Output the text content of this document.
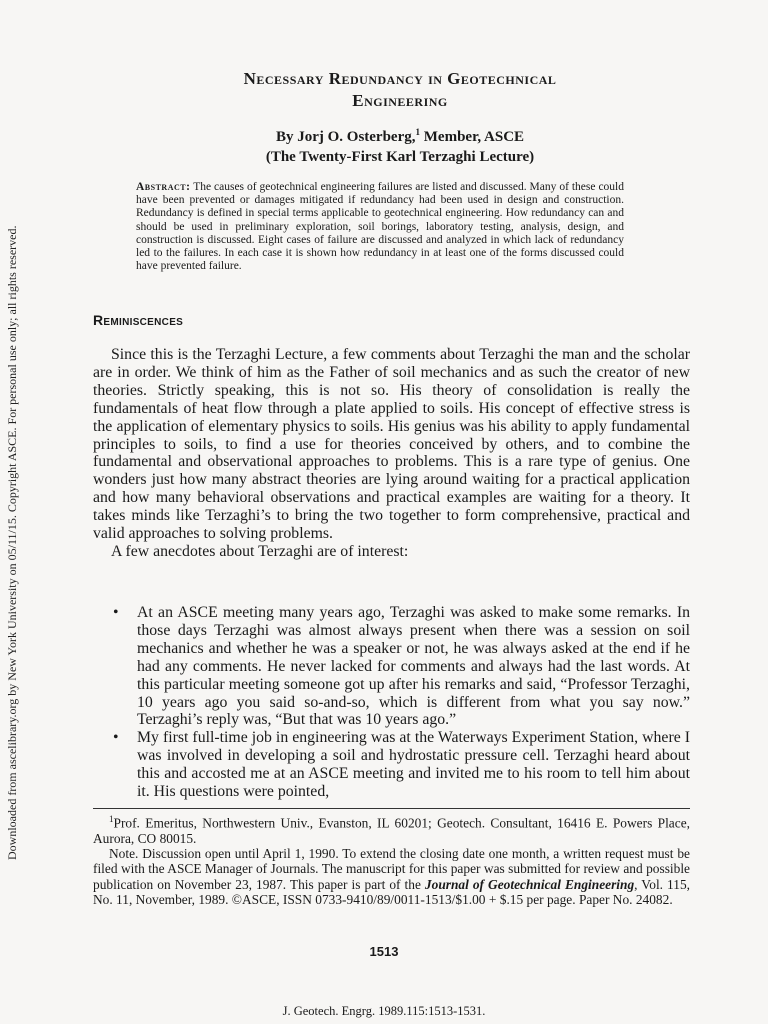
Downloaded from ascelibrary.org by New York University on 05/11/15. Copyright ASCE. For personal use only; all rights reserved.
Necessary Redundancy in Geotechnical
Engineering
By Jorj O. Osterberg,$^1$ Member, ASCE
(The Twenty-First Karl Terzaghi Lecture)
Abstract: The causes of geotechnical engineering failures are listed and discussed. Many of these could have been prevented or damages mitigated if redundancy had been used in design and construction. Redundancy is defined in special terms applicable to geotechnical engineering. How redundancy can and should be used in preliminary exploration, soil borings, laboratory testing, analysis, design, and construction is discussed. Eight cases of failure are discussed and analyzed in which lack of redundancy led to the failures. In each case it is shown how redundancy in at least one of the forms discussed could have prevented failure.
Reminiscences

Since this is the Terzaghi Lecture, a few comments about Terzaghi the man and the scholar are in order. We think of him as the Father of soil mechanics and as such the creator of new theories. Strictly speaking, this is not so. His theory of consolidation is really the fundamentals of heat flow through a plate applied to soils. His concept of effective stress is the application of elementary physics to soils. His genius was his ability to apply fundamental principles to soils, to find a use for theories conceived by others, and to combine the fundamental and observational approaches to problems. This is a rare type of genius. One wonders just how many abstract theories are lying around waiting for a practical application and how many behavioral observations and practical examples are waiting for a theory. It takes minds like Terzaghi’s to bring the two together to form comprehensive, practical and valid approaches to solving problems.

A few anecdotes about Terzaghi are of interest:

• At an ASCE meeting many years ago, Terzaghi was asked to make some remarks. In those days Terzaghi was almost always present when there was a session on soil mechanics and whether he was a speaker or not, he was always asked at the end if he had any comments. He never lacked for comments and always had the last words. At this particular meeting someone got up after his remarks and said, “Professor Terzaghi, 10 years ago you said so-and-so, which is different from what you say now.” Terzaghi’s reply was, “But that was 10 years ago.”
• My first full-time job in engineering was at the Waterways Experiment Station, where I was involved in developing a soil and hydrostatic pressure cell. Terzaghi heard about this and accosted me at an ASCE meeting and invited me to his room to tell him about it. His questions were pointed,

$^1$Prof. Emeritus, Northwestern Univ., Evanston, IL 60201; Geotech. Consultant, 16416 E. Powers Place, Aurora, CO 80015.

Note. Discussion open until April 1, 1990. To extend the closing date one month, a written request must be filed with the ASCE Manager of Journals. The manuscript for this paper was submitted for review and possible publication on November 23, 1987. This paper is part of the Journal of Geotechnical Engineering, Vol. 115, No. 11, November, 1989. ©ASCE, ISSN 0733-9410/89/0011-1513/$1.00 + $.15 per page. Paper No. 24082.

1513
J. Geotech. Engrg. 1989.115:1513-1531.
